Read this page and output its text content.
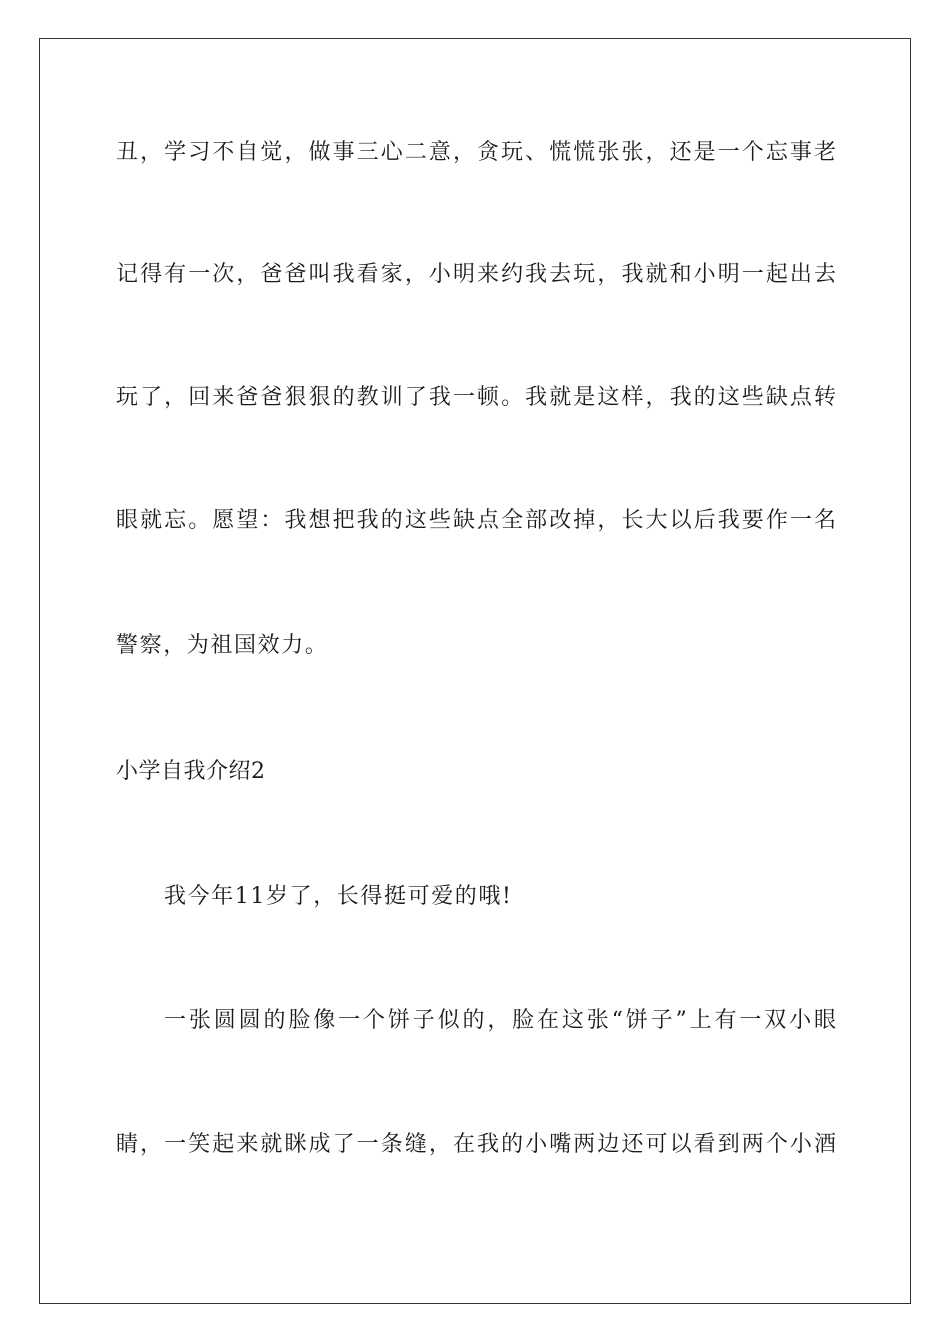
丑，学习不自觉，做事三心二意，贪玩、慌慌张张，还是一个忘事老
记得有一次，爸爸叫我看家，小明来约我去玩，我就和小明一起出去
玩了，回来爸爸狠狠的教训了我一顿。我就是这样，我的这些缺点转
眼就忘。愿望：我想把我的这些缺点全部改掉，长大以后我要作一名
警察，为祖国效力。
小学自我介绍2
我今年11岁了，长得挺可爱的哦!
一张圆圆的脸像一个饼子似的，脸在这张“饼子”上有一双小眼
睛，一笑起来就眯成了一条缝，在我的小嘴两边还可以看到两个小酒
